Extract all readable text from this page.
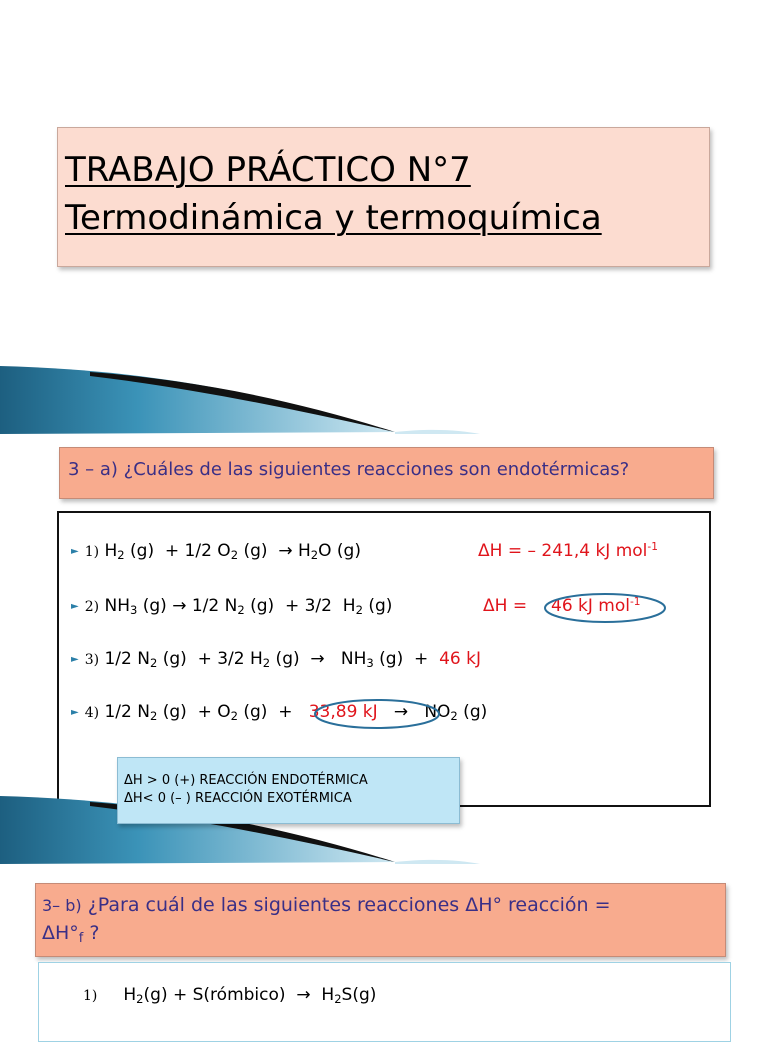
TRABAJO PRÁCTICO N°7
Termodinámica y termoquímica
3 – a) ¿Cuáles de las siguientes reacciones son endotérmicas?
► 1) $H_2$ (g)  + 1/2 $O_2$ $(g) \to H_2O$ (g)	ΔH = – 241,4 kJ mol$^{-1}$
► 2) $NH_3$ (g) → 1/2 $N_2$ (g)  + 3/2  $H_2$ (g)	ΔH = 46 kJ mol$^{-1}$
► 3) 1/2 $N_2$ (g)  + 3/2 $H_2$ $(g) \to NH_3$ (g)  +  46 kJ
► 4) 1/2 $N_2$ $(g) + O_2$ (g)  +   33,89 kJ   →   $NO_2$ (g)
ΔH > 0 (+) REACCIÓN ENDOTÉRMICA
ΔH< 0 (– ) REACCIÓN EXOTÉRMICA
3– b) ¿Para cuál de las siguientes reacciones ΔH° reacción =
$\Delta H^\circ_f$ ?
1) $H_2(g)$ + S(rómbico)  →  $H_2S(g)$
